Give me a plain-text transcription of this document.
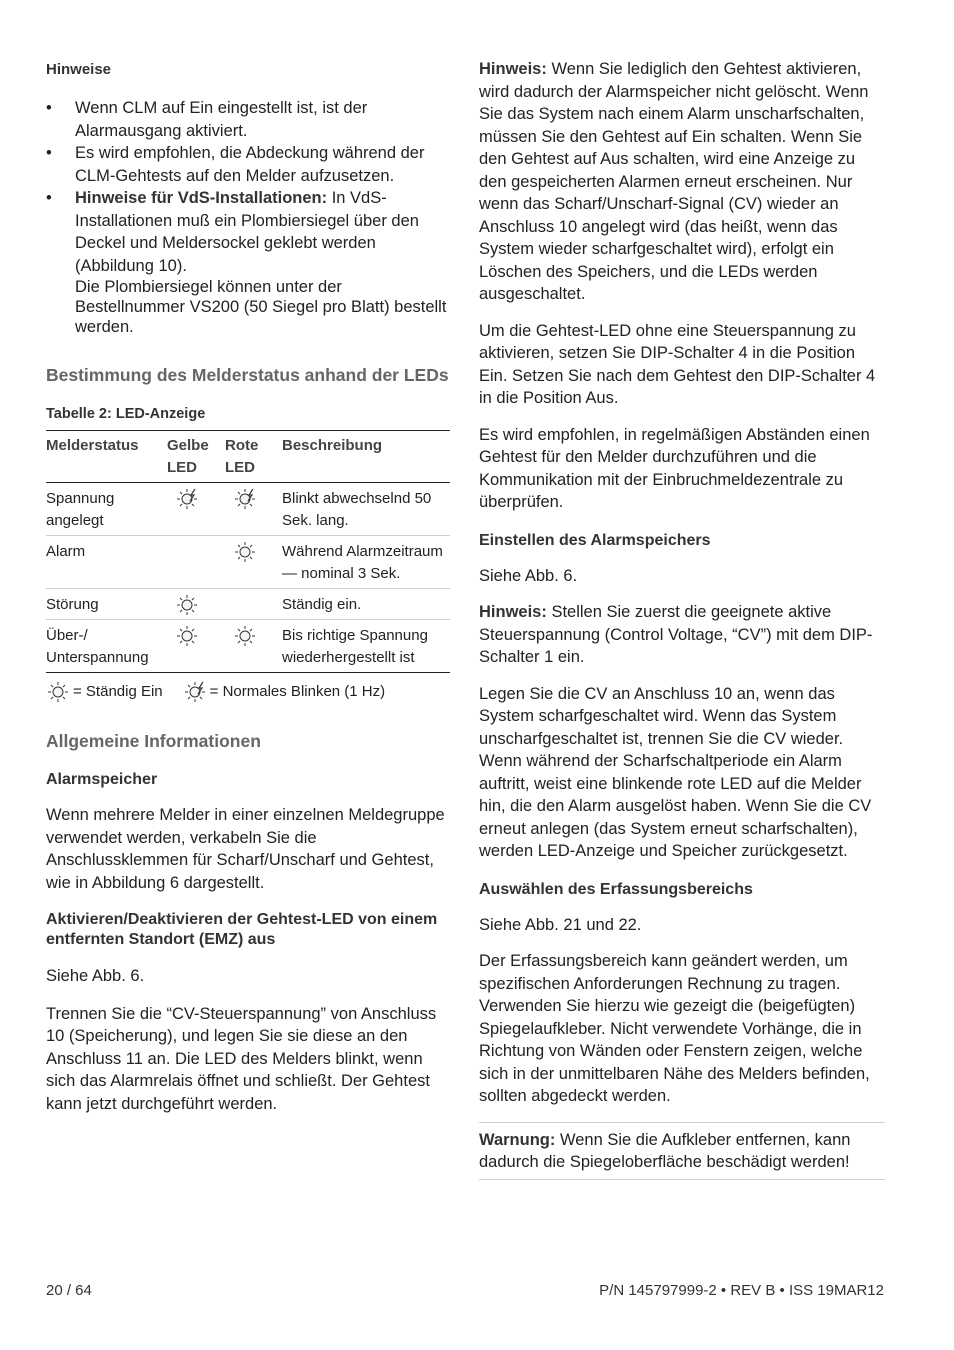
Hinweise

• Wenn CLM auf Ein eingestellt ist, ist der Alarmausgang aktiviert.
• Es wird empfohlen, die Abdeckung während der CLM-Gehtests auf den Melder aufzusetzen.
• Hinweise für VdS-Installationen: In VdS-Installationen muß ein Plombiersiegel über den Deckel und Meldersockel geklebt werden (Abbildung 10).
Die Plombiersiegel können unter der Bestellnummer VS200 (50 Siegel pro Blatt) bestellt werden.

Bestimmung des Melderstatus anhand der LEDs

Tabelle 2: LED-Anzeige

Melderstatus	Gelbe LED	Rote LED	Beschreibung
Spannung angelegt			Blinkt abwechselnd 50 Sek. lang.
Alarm			Während Alarmzeitraum — nominal 3 Sek.
Störung			Ständig ein.
Über-/ Unterspannung			Bis richtige Spannung wiederhergestellt ist
= Ständig Ein	= Normales Blinken (1 Hz)

Allgemeine Informationen

Alarmspeicher

Wenn mehrere Melder in einer einzelnen Meldegruppe verwendet werden, verkabeln Sie die Anschlussklemmen für Scharf/Unscharf und Gehtest, wie in Abbildung 6 dargestellt.

Aktivieren/Deaktivieren der Gehtest-LED von einem entfernten Standort (EMZ) aus

Siehe Abb. 6.

Trennen Sie die “CV-Steuerspannung” von Anschluss 10 (Speicherung), und legen Sie sie diese an den Anschluss 11 an. Die LED des Melders blinkt, wenn sich das Alarmrelais öffnet und schließt. Der Gehtest kann jetzt durchgeführt werden.

Hinweis: Wenn Sie lediglich den Gehtest aktivieren, wird dadurch der Alarmspeicher nicht gelöscht. Wenn Sie das System nach einem Alarm unscharfschalten, müssen Sie den Gehtest auf Ein schalten. Wenn Sie den Gehtest auf Aus schalten, wird eine Anzeige zu den gespeicherten Alarmen erneut erscheinen. Nur wenn das Scharf/Unscharf-Signal (CV) wieder an Anschluss 10 angelegt wird (das heißt, wenn das System wieder scharfgeschaltet wird), erfolgt ein Löschen des Speichers, und die LEDs werden ausgeschaltet.

Um die Gehtest-LED ohne eine Steuerspannung zu aktivieren, setzen Sie DIP-Schalter 4 in die Position Ein. Setzen Sie nach dem Gehtest den DIP-Schalter 4 in die Position Aus.

Es wird empfohlen, in regelmäßigen Abständen einen Gehtest für den Melder durchzuführen und die Kommunikation mit der Einbruchmeldezentrale zu überprüfen.

Einstellen des Alarmspeichers

Siehe Abb. 6.

Hinweis: Stellen Sie zuerst die geeignete aktive Steuerspannung (Control Voltage, “CV”) mit dem DIP-Schalter 1 ein.

Legen Sie die CV an Anschluss 10 an, wenn das System scharfgeschaltet wird. Wenn das System unscharfgeschaltet ist, trennen Sie die CV wieder. Wenn während der Scharfschaltperiode ein Alarm auftritt, weist eine blinkende rote LED auf die Melder hin, die den Alarm ausgelöst haben. Wenn Sie die CV erneut anlegen (das System erneut scharfschalten), werden LED-Anzeige und Speicher zurückgesetzt.

Auswählen des Erfassungsbereichs

Siehe Abb. 21 und 22.

Der Erfassungsbereich kann geändert werden, um spezifischen Anforderungen Rechnung zu tragen. Verwenden Sie hierzu wie gezeigt die (beigefügten) Spiegelaufkleber. Nicht verwendete Vorhänge, die in Richtung von Wänden oder Fenstern zeigen, welche sich in der unmittelbaren Nähe des Melders befinden, sollten abgedeckt werden.

Warnung: Wenn Sie die Aufkleber entfernen, kann dadurch die Spiegeloberfläche beschädigt werden!
20 / 64	P/N 145797999-2 • REV B • ISS 19MAR12
